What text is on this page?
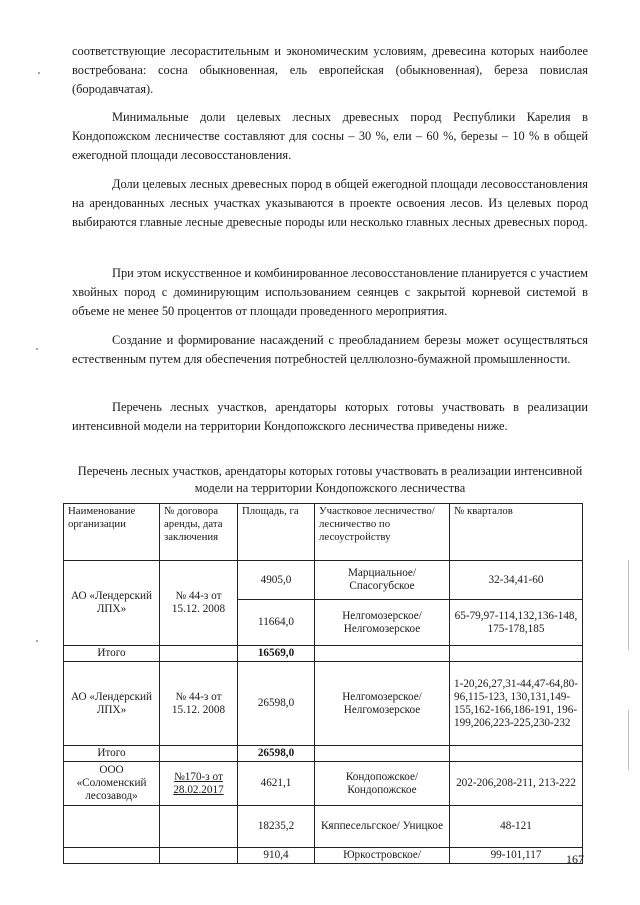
соответствующие лесорастительным и экономическим условиям, древесина которых наиболее востребована: сосна обыкновенная, ель европейская (обыкновенная), береза повислая (бородавчатая).

Минимальные доли целевых лесных древесных пород Республики Карелия в Кондопожском лесничестве составляют для сосны – 30 %, ели – 60 %, березы – 10 % в общей ежегодной площади лесовосстановления.

Доли целевых лесных древесных пород в общей ежегодной площади лесовосстановления на арендованных лесных участках указываются в проекте освоения лесов. Из целевых пород выбираются главные лесные древесные породы или несколько главных лесных древесных пород.

При этом искусственное и комбинированное лесовосстановление планируется с участием хвойных пород с доминирующим использованием сеянцев с закрытой корневой системой в объеме не менее 50 процентов от площади проведенного мероприятия.

Создание и формирование насаждений с преобладанием березы может осуществляться естественным путем для обеспечения потребностей целлюлозно-бумажной промышленности.

Перечень лесных участков, арендаторы которых готовы участвовать в реализации интенсивной модели на территории Кондопожского лесничества приведены ниже.

Перечень лесных участков, арендаторы которых готовы участвовать в реализации интенсивной модели на территории Кондопожского лесничества

Наименование организации	№ договора аренды, дата заключения	Площадь, га	Участковое лесничество/ лесничество по лесоустройству	№ кварталов
АО «Лендерский ЛПХ»	№ 44-з от 15.12. 2008	4905,0	Марциальное/ Спасогубское	32-34,41-60
		11664,0	Нелгомозерское/ Нелгомозерское	65-79,97-114,132,136-148, 175-178,185
Итого		16569,0		
АО «Лендерский ЛПХ»	№ 44-з от 15.12. 2008	26598,0	Нелгомозерское/ Нелгомозерское	1-20,26,27,31-44,47-64,80-96,115-123, 130,131,149-155,162-166,186-191, 196-199,206,223-225,230-232
Итого		26598,0		
ООО «Соломенский лесозавод»	№170-з от 28.02.2017	4621,1	Кондопожское/ Кондопожское	202-206,208-211, 213-222
		18235,2	Кяппесельгское/ Уницкое	48-121
		910,4	Юркостровское/	99-101,117 167
